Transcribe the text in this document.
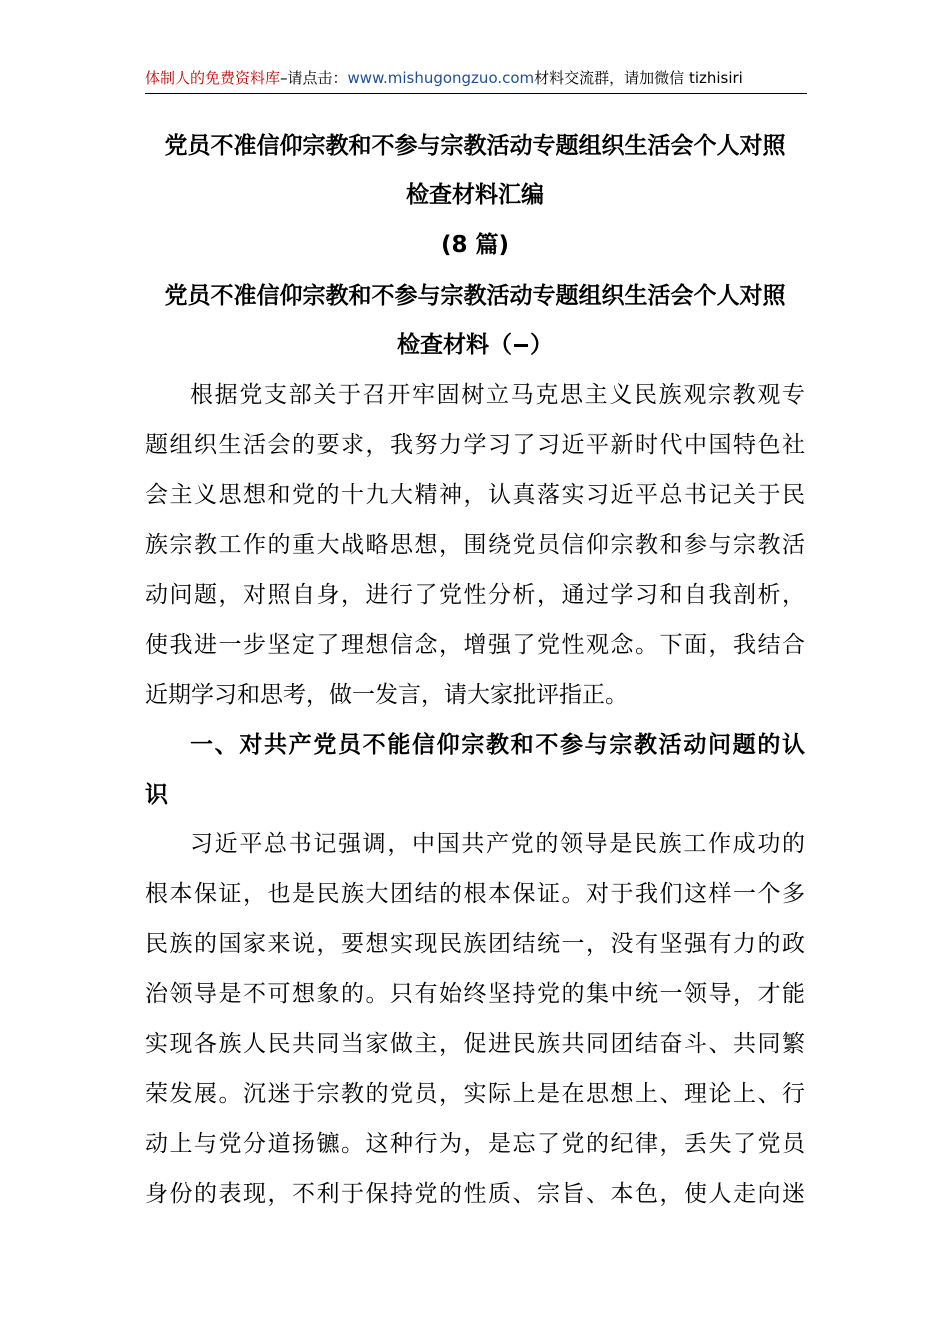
体制人的免费资料库–请点击：www.mishugongzuo.com材料交流群，请加微信 tizhisiri
党员不准信仰宗教和不参与宗教活动专题组织生活会个人对照
检查材料汇编
(8 篇)
党员不准信仰宗教和不参与宗教活动专题组织生活会个人对照
检查材料（ ）
根据党支部关于召开牢固树立马克思主义民族观宗教观专
题组织生活会的要求，我努力学习了习近平新时代中国特色社
会主义思想和党的十九大精神，认真落实习近平总书记关于民
族宗教工作的重大战略思想，围绕党员信仰宗教和参与宗教活
动问题，对照自身，进行了党性分析，通过学习和自我剖析，
使我进一步坚定了理想信念，增强了党性观念。下面，我结合
近期学习和思考，做一发言，请大家批评指正。
一、对共产党员不能信仰宗教和不参与宗教活动问题的认
识
习近平总书记强调，中国共产党的领导是民族工作成功的
根本保证，也是民族大团结的根本保证。对于我们这样一个多
民族的国家来说，要想实现民族团结统一，没有坚强有力的政
治领导是不可想象的。只有始终坚持党的集中统一领导，才能
实现各族人民共同当家做主，促进民族共同团结奋斗、共同繁
荣发展。沉迷于宗教的党员，实际上是在思想上、理论上、行
动上与党分道扬镳。这种行为，是忘了党的纪律，丢失了党员
身份的表现，不利于保持党的性质、宗旨、本色，使人走向迷
